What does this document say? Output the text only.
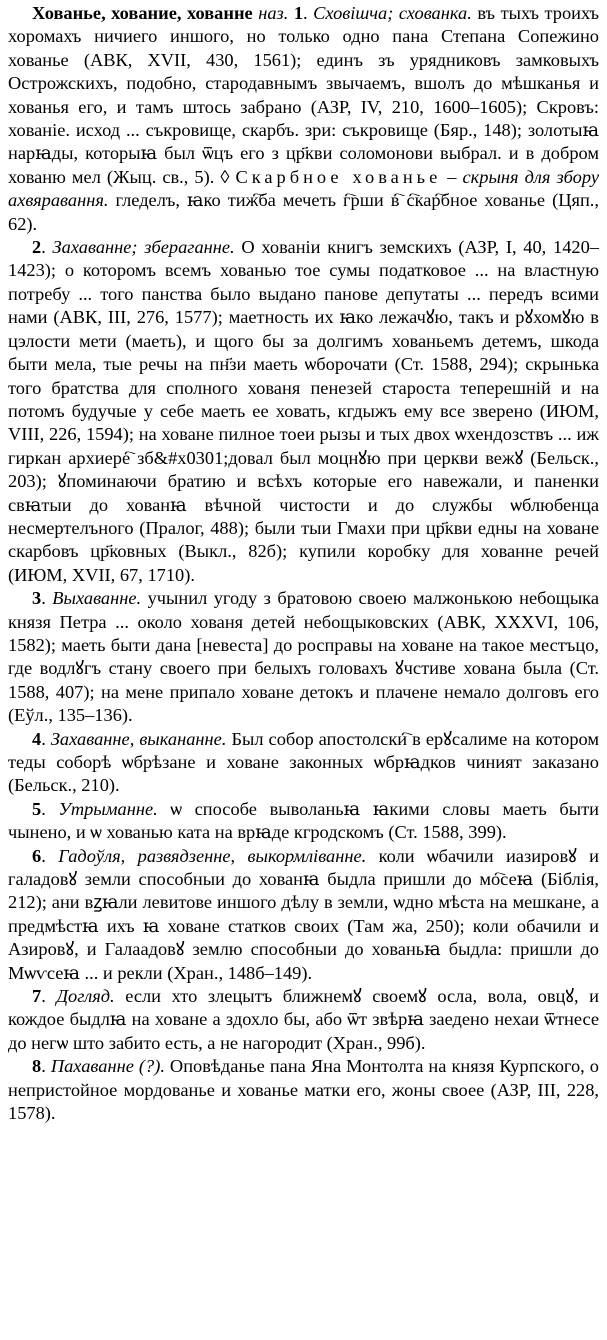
Хованье, хование, хованне наз. 1. Сховішча; схованка. въ тыхъ троихъ хоромахъ ничиего иншого, но только одно пана Степана Сопежино хованье (АВК, XVII, 430, 1561); единъ зъ урядниковъ замковыхъ Острожскихъ, подобно, стародавнымъ звычаемъ, вшолъ до мѣшканья и хованья его, и тамъ штось забрано (АЗР, IV, 210, 1600–1605); Скровъ: хованіе. исход ... съкровище, скарбъ. зри: съкровище (Бяр., 148); золотыꙗ нарꙗды, которыꙗ был ѿцъ его з цр҃кви соломонови выбрал. и в добром хованю мел (Жыц. св., 5). ◊ Скарбное хованье – скрыня для збору ахвяравання. гледелъ, ꙗко тиж҇ба мечеть г҇рши в҇ с҇кар҇бное хованье (Цяп., 62).

2. Захаванне; збераганне. О хованiи книгъ земскихъ (АЗР, I, 40, 1420–1423); о которомъ всемъ хованью тое сумы податковое ... на властную потребу ... того панства было выдано панове депутаты ... передъ всими нами (АВК, III, 276, 1577); маетность их ꙗко лежачꙋю, такъ и рꙋхомꙋю в цэлости мети (маеть), и щого бы за долгимъ хованьемъ детемъ, шкода быти мела, тые речы на пн҃зи маеть ѡборочати (Ст. 1588, 294); скрынька того братства для сполного хованя пенезей староста теперешнiй и на потомъ будучые у себе маеть ее ховать, кгдыжъ ему все зверено (ИЮМ, VIII, 226, 1594); на ховане пилное тоеи рызы и тых двох ѡхендозствъ ... иж гиркан архиере҇ зб&#x0301;довал был моцнꙋю при церкви вежꙋ (Бельск., 203); ꙋпоминаючи братию и всѣхъ которые его навежали, и паненки свꙗтыи до хованꙗ вѣчной чистости и до службы ѡблюбенца несмертелъного (Пралог, 488); были тыи Гмахи при цр҃кви едны на ховане скарбовъ цр҃ковных (Выкл., 82б); купили коробку для хованне речей (ИЮМ, XVII, 67, 1710).

3. Выхаванне. учынил угоду з братовою своею малжонькою небощыка князя Петра ... около хованя детей небощыковских (АВК, XXXVI, 106, 1582); маеть быти дана [невеста] до росправы на ховане на такое местъцо, где водлꙋгъ стану своего при белыхъ головахъ ꙋчстиве хована была (Ст. 1588, 407); на мене припало ховане детокъ и плачене немало долговъ его (Еўл., 135–136).

4. Захаванне, выкананне. Был собор апостолски҇ в ерꙋсалиме на котором теды соборѣ ѡбрѣзане и ховане законных ѡбрꙗдков чиният заказано (Бельск., 210).

5. Утрыманне. ѡ способе выволаньꙗ ꙗкими словы маеть быти чынено, и ѡ хованью ката на врꙗде кгродскомъ (Ст. 1588, 399).

6. Гадоўля, развядзенне, выкормліванне. коли ѡбачили иазировꙋ и галадовꙋ земли способныи до хованꙗ быдла пришли до мо҇сеꙗ (Біблія, 212); ани вꙁꙗли левитове иншого дѣлу в земли, ѡдно мѣста на мешкане, а предмѣстꙗ ихъ ꙗ ховане статков своих (Там жа, 250); коли обачили и Азировꙋ, и Галаадовꙋ землю способныи до хованьꙗ быдла: пришли до Мѡѵсеꙗ ... и рекли (Хран., 148б–149).

7. Догляд. если хто злецытъ ближнемꙋ своемꙋ осла, вола, овцꙋ, и кождое быдлꙗ на ховане а здохло бы, або ѿт звѣрꙗ заедено нехаи ѿтнесе до негѡ што забито есть, а не нагородит (Хран., 99б).

8. Пахаванне (?). Оповѣданье пана Яна Монтолта на князя Курпского, о непристойное мордованье и хованье матки его, жоны своее (АЗР, III, 228, 1578).
